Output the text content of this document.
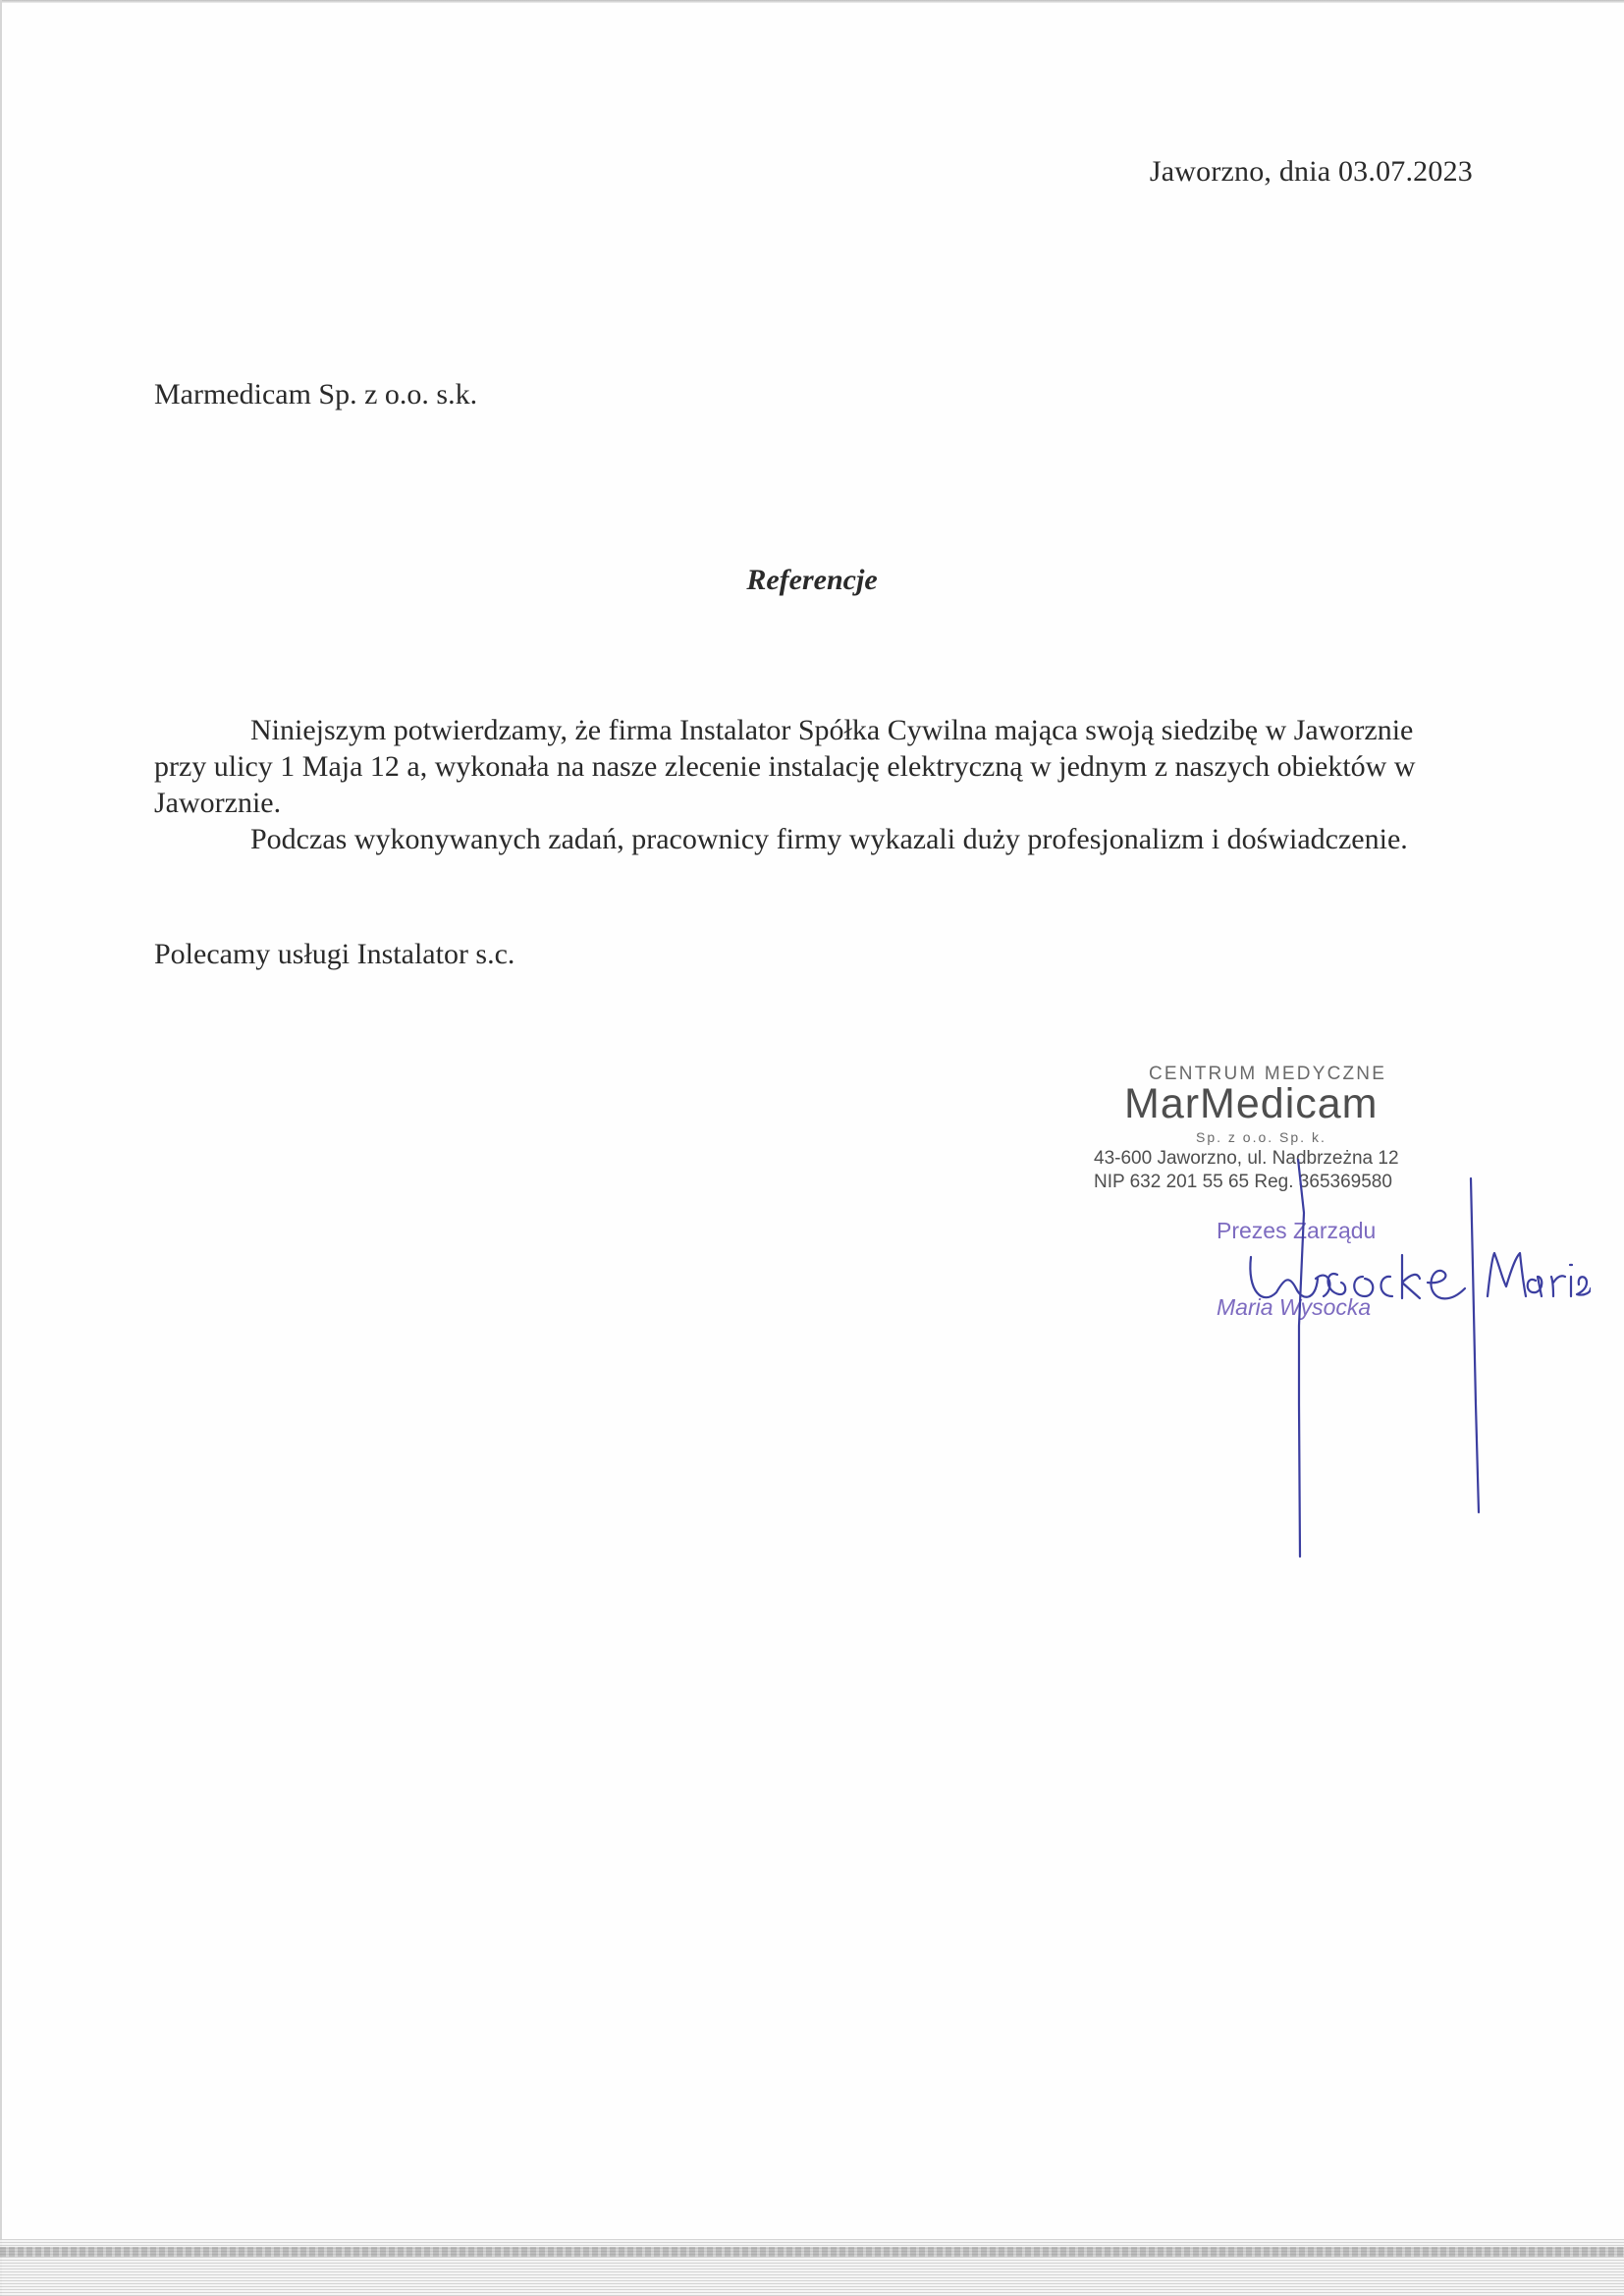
Jaworzno, dnia 03.07.2023
Marmedicam Sp. z o.o. s.k.
Referencje

Niniejszym potwierdzamy, że firma Instalator Spółka Cywilna mająca swoją siedzibę w Jaworznie przy ulicy 1 Maja 12 a, wykonała na nasze zlecenie instalację elektryczną w jednym z naszych obiektów w Jaworznie.

Podczas wykonywanych zadań, pracownicy firmy wykazali duży profesjonalizm i doświadczenie.

Polecamy usługi Instalator s.c.
CENTRUM MEDYCZNE
MarMedicam
Sp. z o.o. Sp. k.
43-600 Jaworzno, ul. Nadbrzeżna 12
NIP 632 201 55 65 Reg. 365369580
Prezes Zarządu
Maria Wysocka
